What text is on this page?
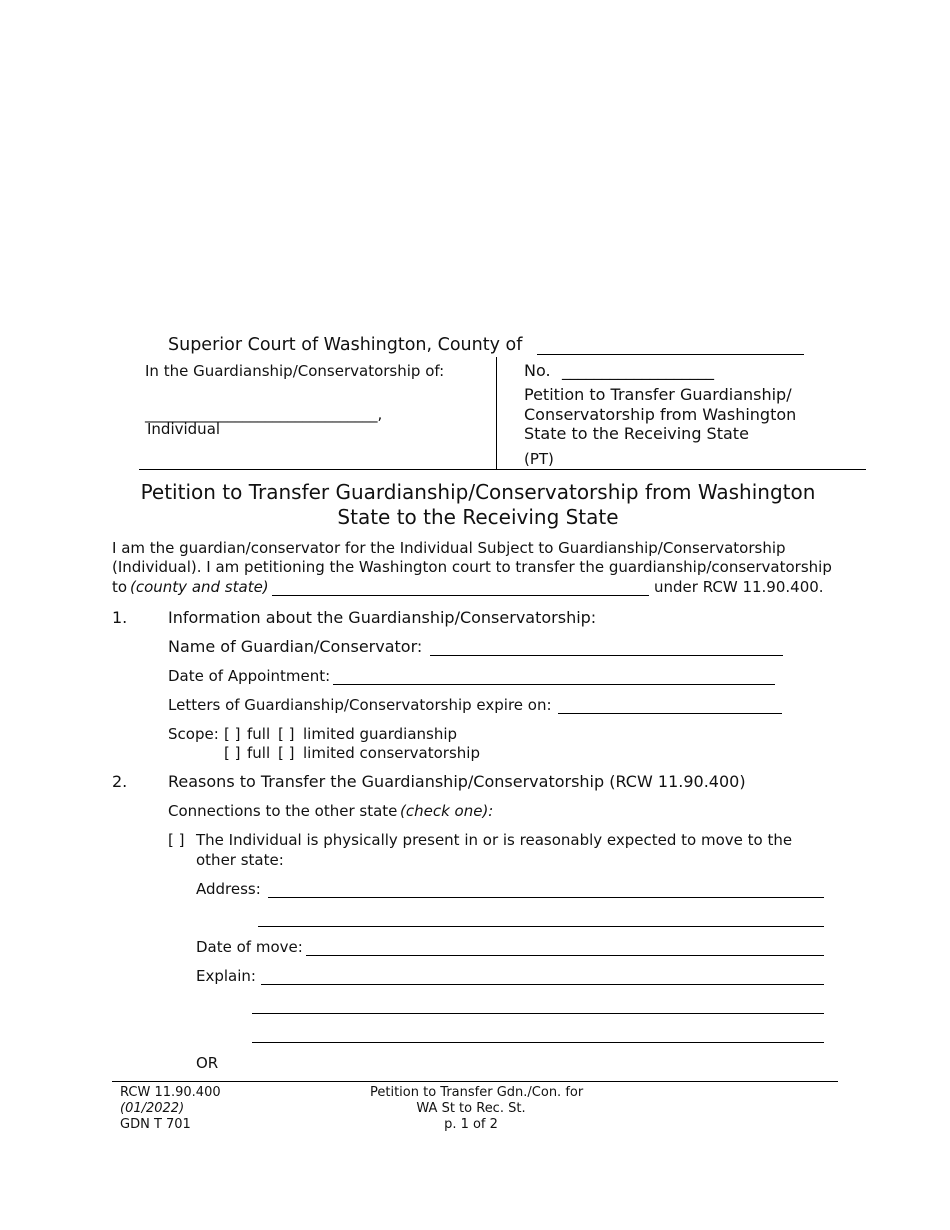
Superior Court of Washington, County of
In the Guardianship/Conservatorship of:
_______________________________,
Individual
No. ___________________
Petition to Transfer Guardianship/
Conservatorship from Washington
State to the Receiving State
(PT)
Petition to Transfer Guardianship/Conservatorship from Washington
State to the Receiving State
I am the guardian/conservator for the Individual Subject to Guardianship/Conservatorship
(Individual). I am petitioning the Washington court to transfer the guardianship/conservatorship
to (county and state)	under RCW 11.90.400.
1.	Information about the Guardianship/Conservatorship:
Name of Guardian/Conservator:
Date of Appointment:
Letters of Guardianship/Conservatorship expire on:
Scope: [ ] full [ ] limited guardianship
[ ] full [ ] limited conservatorship
2.	Reasons to Transfer the Guardianship/Conservatorship (RCW 11.90.400)
Connections to the other state (check one):
[ ] The Individual is physically present in or is reasonably expected to move to the
other state:
Address:
Date of move:
Explain:
OR
RCW 11.90.400
(01/2022)
GDN T 701
Petition to Transfer Gdn./Con. for
WA St to Rec. St.
p. 1 of 2
